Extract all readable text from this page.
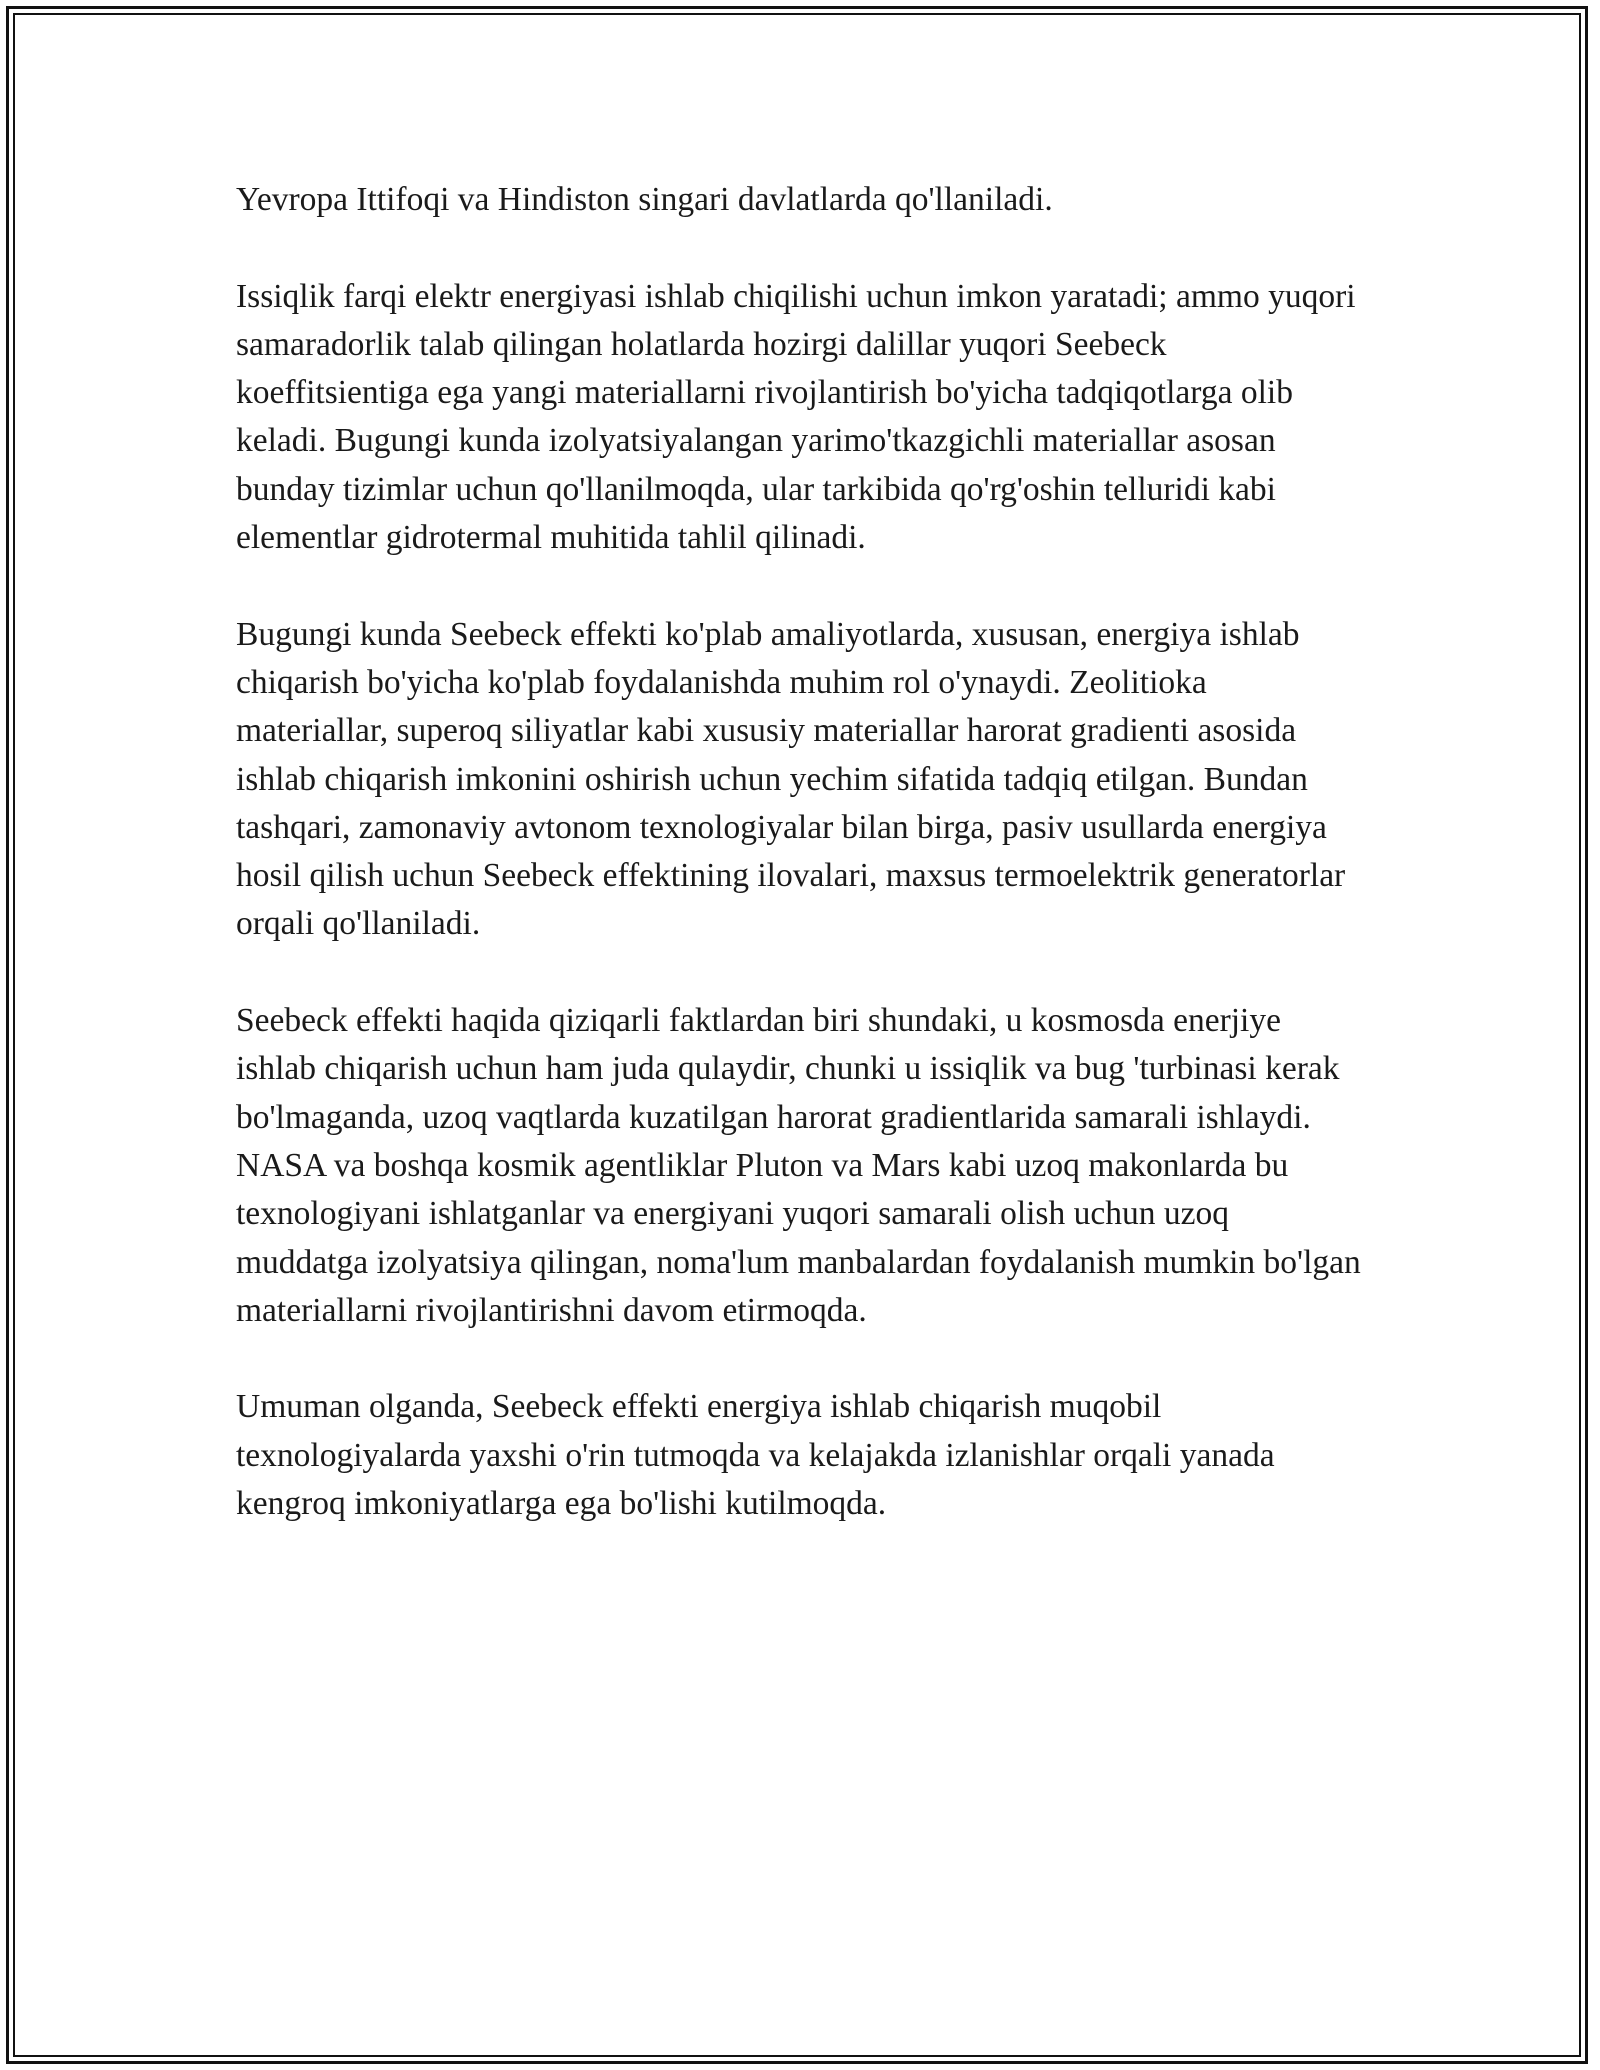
Yevropa Ittifoqi va Hindiston singari davlatlarda qo'llaniladi.

Issiqlik farqi elektr energiyasi ishlab chiqilishi uchun imkon yaratadi; ammo yuqori samaradorlik talab qilingan holatlarda hozirgi dalillar yuqori Seebeck koeffitsientiga ega yangi materiallarni rivojlantirish bo'yicha tadqiqotlarga olib keladi. Bugungi kunda izolyatsiyalangan yarimo'tkazgichli materiallar asosan bunday tizimlar uchun qo'llanilmoqda, ular tarkibida qo'rg'oshin telluridi kabi elementlar gidrotermal muhitida tahlil qilinadi.

Bugungi kunda Seebeck effekti ko'plab amaliyotlarda, xususan, energiya ishlab chiqarish bo'yicha ko'plab foydalanishda muhim rol o'ynaydi. Zeolitioka materiallar, superoq siliyatlar kabi xususiy materiallar harorat gradienti asosida ishlab chiqarish imkonini oshirish uchun yechim sifatida tadqiq etilgan. Bundan tashqari, zamonaviy avtonom texnologiyalar bilan birga, pasiv usullarda energiya hosil qilish uchun Seebeck effektining ilovalari, maxsus termoelektrik generatorlar orqali qo'llaniladi.

Seebeck effekti haqida qiziqarli faktlardan biri shundaki, u kosmosda enerjiye ishlab chiqarish uchun ham juda qulaydir, chunki u issiqlik va bug 'turbinasi kerak bo'lmaganda, uzoq vaqtlarda kuzatilgan harorat gradientlarida samarali ishlaydi. NASA va boshqa kosmik agentliklar Pluton va Mars kabi uzoq makonlarda bu texnologiyani ishlatganlar va energiyani yuqori samarali olish uchun uzoq muddatga izolyatsiya qilingan, noma'lum manbalardan foydalanish mumkin bo'lgan materiallarni rivojlantirishni davom etirmoqda.

Umuman olganda, Seebeck effekti energiya ishlab chiqarish muqobil texnologiyalarda yaxshi o'rin tutmoqda va kelajakda izlanishlar orqali yanada kengroq imkoniyatlarga ega bo'lishi kutilmoqda.
